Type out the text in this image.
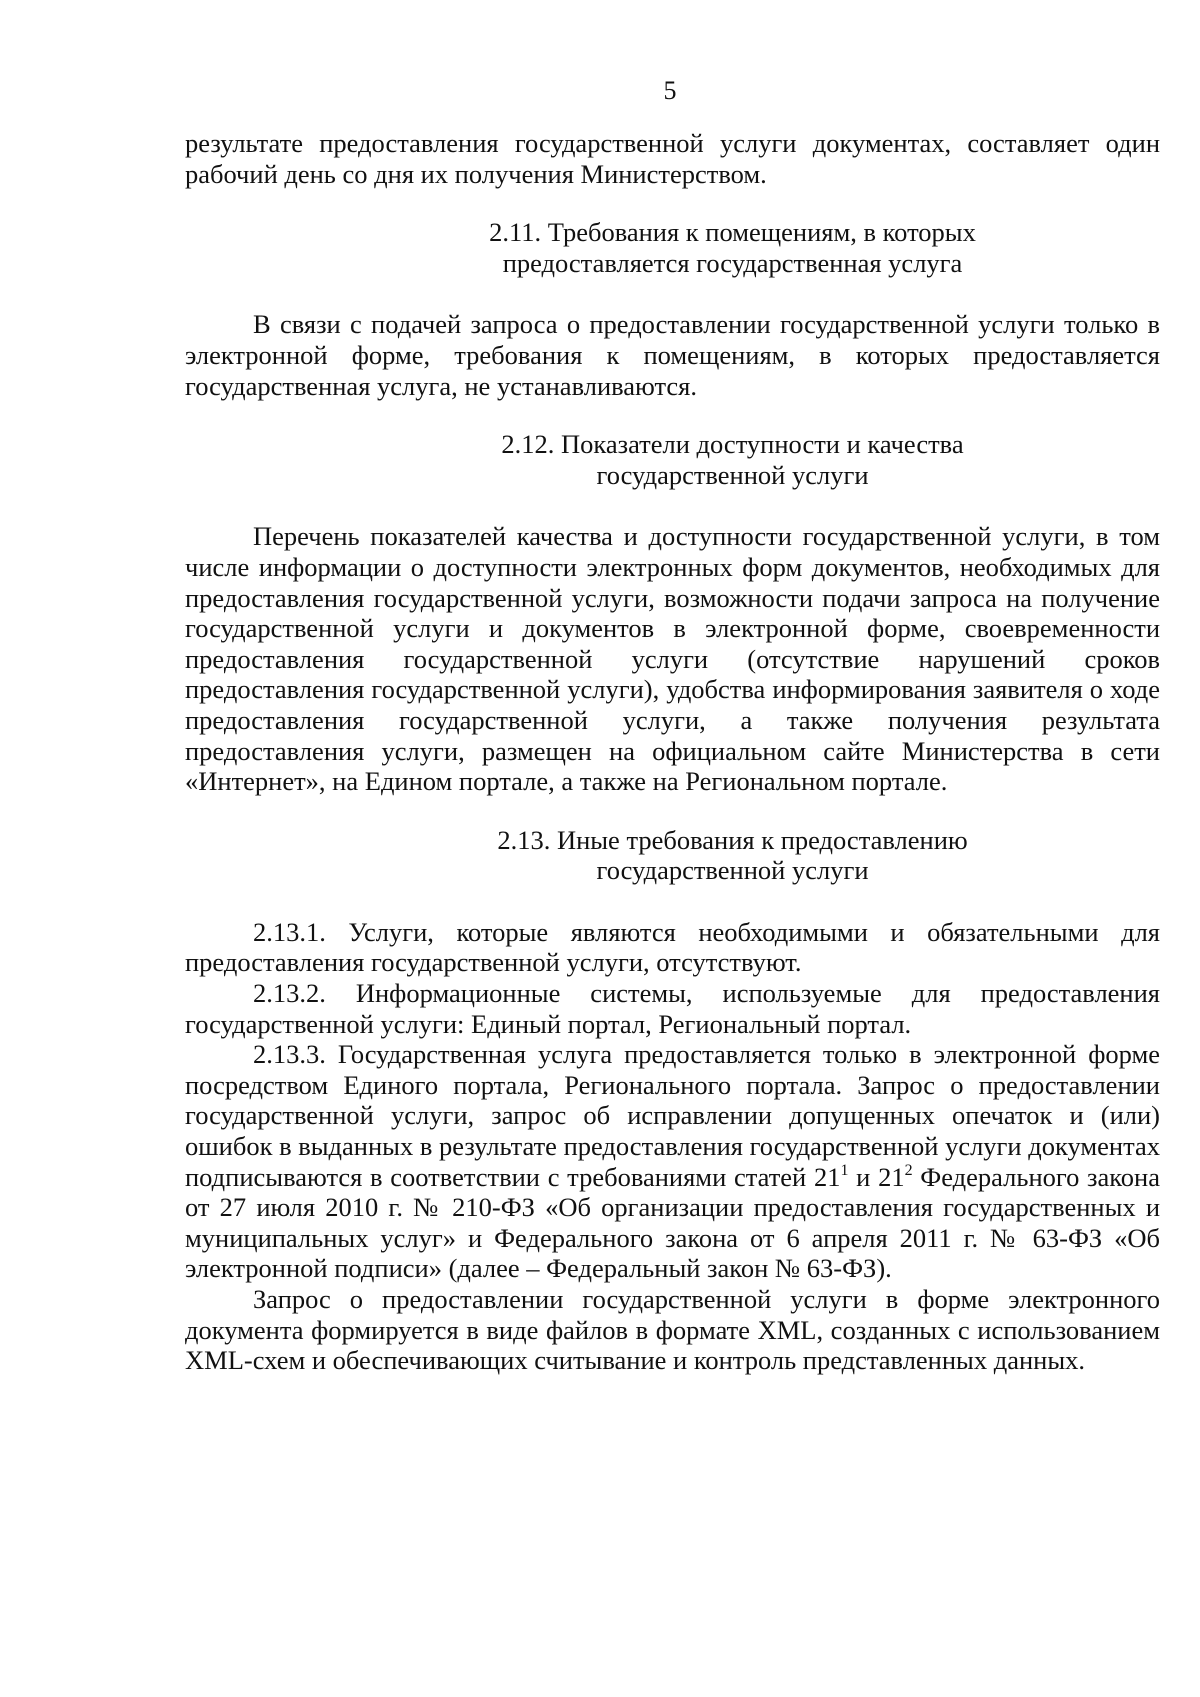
5

результате предоставления государственной услуги документах, составляет один рабочий день со дня их получения Министерством.

2.11. Требования к помещениям, в которых
предоставляется государственная услуга

В связи с подачей запроса о предоставлении государственной услуги только в электронной форме, требования к помещениям, в которых предоставляется государственная услуга, не устанавливаются.

2.12. Показатели доступности и качества
государственной услуги

Перечень показателей качества и доступности государственной услуги, в том числе информации о доступности электронных форм документов, необходимых для предоставления государственной услуги, возможности подачи запроса на получение государственной услуги и документов в электронной форме, своевременности предоставления государственной услуги (отсутствие нарушений сроков предоставления государственной услуги), удобства информирования заявителя о ходе предоставления государственной услуги, а также получения результата предоставления услуги, размещен на официальном сайте Министерства в сети «Интернет», на Едином портале, а также на Региональном портале.

2.13. Иные требования к предоставлению
государственной услуги

2.13.1. Услуги, которые являются необходимыми и обязательными для предоставления государственной услуги, отсутствуют.

2.13.2. Информационные системы, используемые для предоставления государственной услуги: Единый портал, Региональный портал.

2.13.3. Государственная услуга предоставляется только в электронной форме посредством Единого портала, Регионального портала. Запрос о предоставлении государственной услуги, запрос об исправлении допущенных опечаток и (или) ошибок в выданных в результате предоставления государственной услуги документах подписываются в соответствии с требованиями статей $21^1$ и $21^2$ Федерального закона от 27 июля 2010 г. № 210-ФЗ «Об организации предоставления государственных и муниципальных услуг» и Федерального закона от 6 апреля 2011 г. № 63-ФЗ «Об электронной подписи» (далее – Федеральный закон № 63-ФЗ).

Запрос о предоставлении государственной услуги в форме электронного документа формируется в виде файлов в формате XML, созданных с использованием XML-схем и обеспечивающих считывание и контроль представленных данных.
